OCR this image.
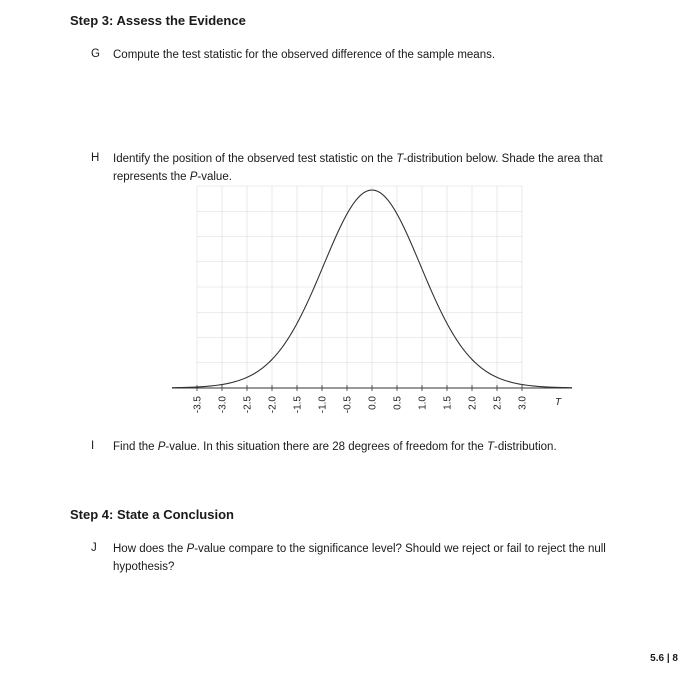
Step 3: Assess the Evidence
G Compute the test statistic for the observed difference of the sample means.

H Identify the position of the observed test statistic on the T-distribution below. Shade the area that represents the P-value.

-3.5 -3.0 -2.5 -2.0 -1.5 -1.0 -0.5 0.0 0.5 1.0 1.5 2.0 2.5 3.0	T
I Find the P-value. In this situation there are 28 degrees of freedom for the T-distribution.

Step 4: State a Conclusion
J How does the P-value compare to the significance level? Should we reject or fail to reject the null hypothesis?

5.6 | 8
